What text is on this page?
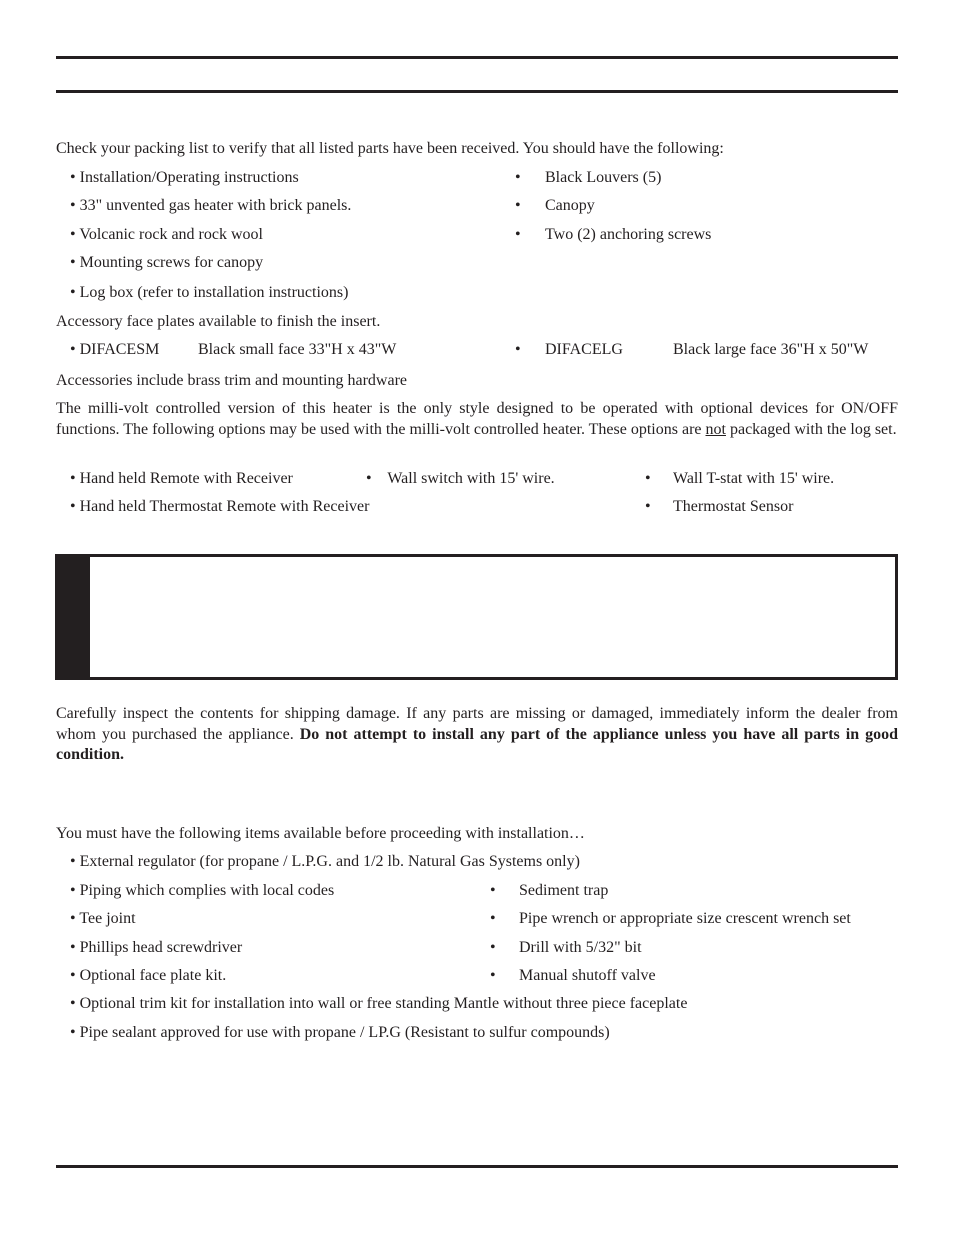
Check your packing list to verify that all listed parts have been received. You should have the following:
• Installation/Operating instructions
• 33" unvented gas heater with brick panels.
• Volcanic rock and rock wool
• Mounting screws for canopy
• Log box (refer to installation instructions)
• Black Louvers (5)
• Canopy
• Two (2) anchoring screws
Accessory face plates available to finish the insert.
• DIFACESM Black small face 33"H x 43"W	• DIFACELG	Black large face 36"H x 50"W
Accessories include brass trim and mounting hardware
The milli-volt controlled version of this heater is the only style designed to be operated with optional devices for ON/OFF functions. The following options may be used with the milli-volt controlled heater. These options are not packaged with the log set.
• Hand held Remote with Receiver	• Wall switch with 15' wire.	• Wall T-stat with 15' wire.
• Hand held Thermostat Remote with Receiver	• Thermostat Sensor
Carefully inspect the contents for shipping damage. If any parts are missing or damaged, immediately inform the dealer from whom you purchased the appliance. Do not attempt to install any part of the appliance unless you have all parts in good condition.
You must have the following items available before proceeding with installation…
• External regulator (for propane / L.P.G. and 1/2 lb. Natural Gas Systems only)
• Piping which complies with local codes
• Tee joint
• Phillips head screwdriver
• Optional face plate kit.
• Sediment trap
• Pipe wrench or appropriate size crescent wrench set
• Drill with 5/32" bit
• Manual shutoff valve
• Optional trim kit for installation into wall or free standing Mantle without three piece faceplate
• Pipe sealant approved for use with propane / LP.G (Resistant to sulfur compounds)
